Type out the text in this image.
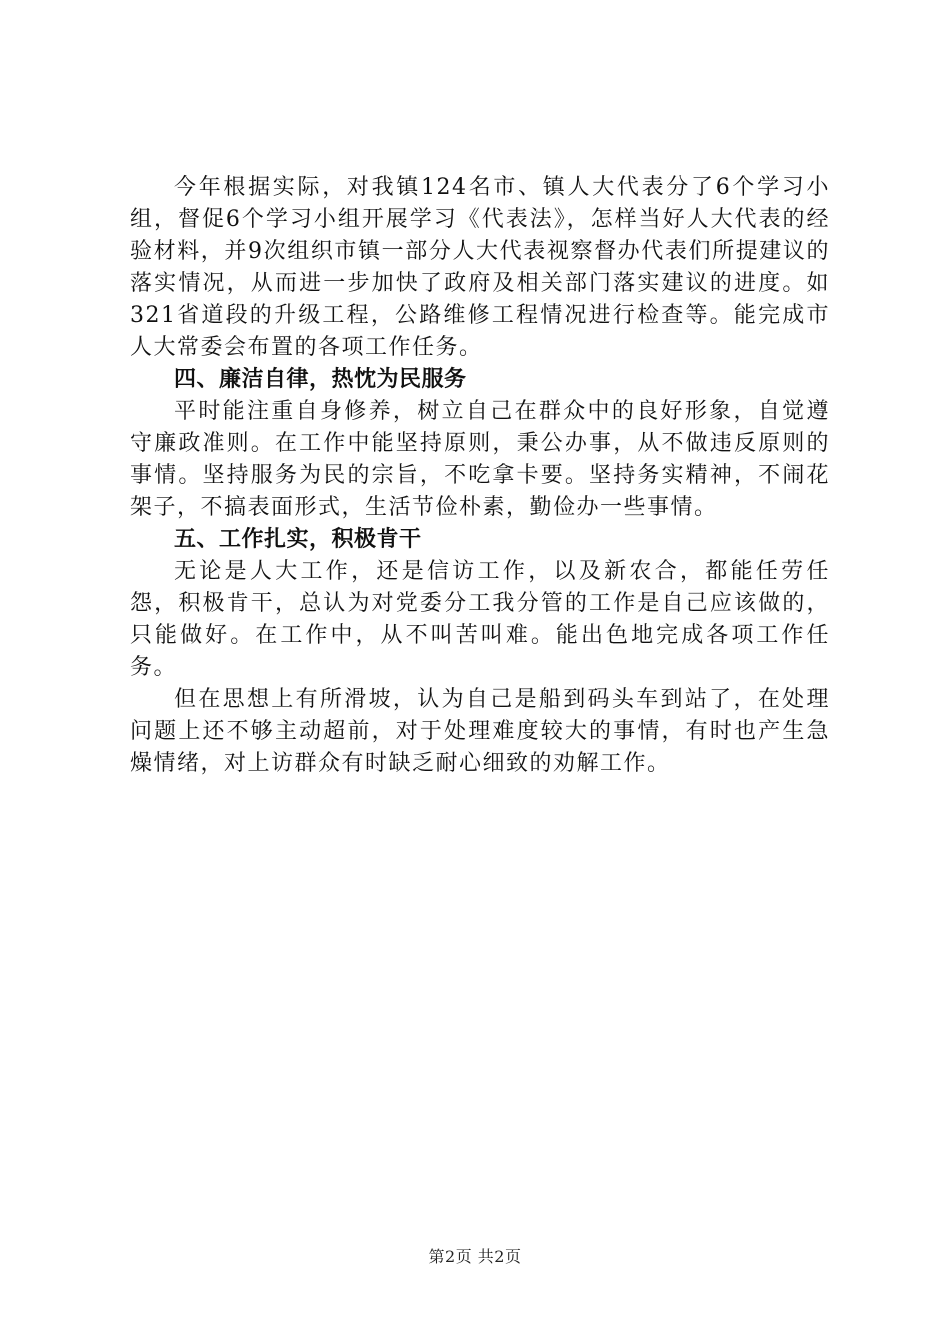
今年根据实际，对我镇124名市、镇人大代表分了6个学习小组，督促6个学习小组开展学习《代表法》，怎样当好人大代表的经验材料，并9次组织市镇一部分人大代表视察督办代表们所提建议的落实情况，从而进一步加快了政府及相关部门落实建议的进度。如321省道段的升级工程，公路维修工程情况进行检查等。能完成市人大常委会布置的各项工作任务。

四、廉洁自律，热忱为民服务

平时能注重自身修养，树立自己在群众中的良好形象，自觉遵守廉政准则。在工作中能坚持原则，秉公办事，从不做违反原则的事情。坚持服务为民的宗旨，不吃拿卡要。坚持务实精神，不闹花架子，不搞表面形式，生活节俭朴素，勤俭办一些事情。

五、工作扎实，积极肯干

无论是人大工作，还是信访工作，以及新农合，都能任劳任怨，积极肯干，总认为对党委分工我分管的工作是自己应该做的，只能做好。在工作中，从不叫苦叫难。能出色地完成各项工作任务。

但在思想上有所滑坡，认为自己是船到码头车到站了，在处理问题上还不够主动超前，对于处理难度较大的事情，有时也产生急燥情绪，对上访群众有时缺乏耐心细致的劝解工作。

第2页 共2页
